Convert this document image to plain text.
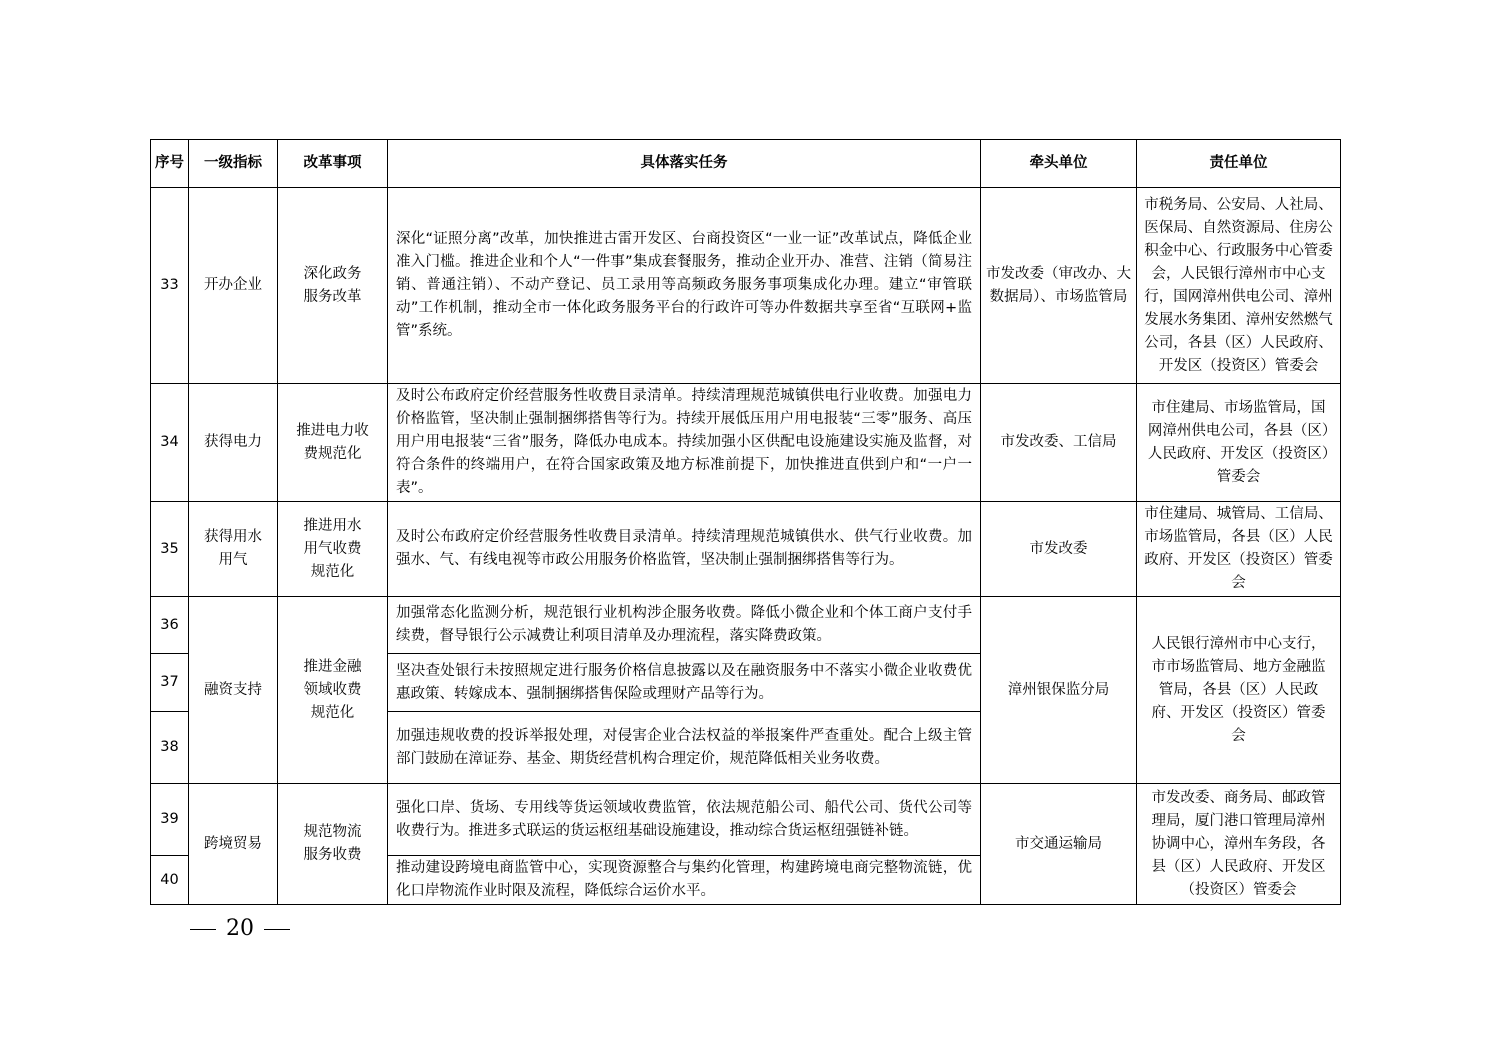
序号	一级指标	改革事项	具体落实任务	牵头单位	责任单位
33	开办企业	深化政务服务改革	深化“证照分离”改革，加快推进古雷开发区、台商投资区“一业一证”改革试点，降低企业准入门槛。推进企业和个人“一件事”集成套餐服务，推动企业开办、准营、注销（简易注销、普通注销）、不动产登记、员工录用等高频政务服务事项集成化办理。建立“审管联动”工作机制，推动全市一体化政务服务平台的行政许可等办件数据共享至省“互联网+监管”系统。	市发改委（审改办、大数据局）、市场监管局	市税务局、公安局、人社局、医保局、自然资源局、住房公积金中心、行政服务中心管委会，人民银行漳州市中心支行，国网漳州供电公司、漳州发展水务集团、漳州安然燃气公司，各县（区）人民政府、开发区（投资区）管委会
34	获得电力	推进电力收费规范化	及时公布政府定价经营服务性收费目录清单。持续清理规范城镇供电行业收费。加强电力价格监管，坚决制止强制捆绑搭售等行为。持续开展低压用户用电报装“三零”服务、高压用户用电报装“三省”服务，降低办电成本。持续加强小区供配电设施建设实施及监督，对符合条件的终端用户，在符合国家政策及地方标准前提下，加快推进直供到户和“一户一表”。	市发改委、工信局	市住建局、市场监管局，国网漳州供电公司，各县（区）人民政府、开发区（投资区）管委会
35	获得用水用气	推进用水用气收费规范化	及时公布政府定价经营服务性收费目录清单。持续清理规范城镇供水、供气行业收费。加强水、气、有线电视等市政公用服务价格监管，坚决制止强制捆绑搭售等行为。	市发改委	市住建局、城管局、工信局、市场监管局，各县（区）人民政府、开发区（投资区）管委会
36	融资支持	推进金融领域收费规范化	加强常态化监测分析，规范银行业机构涉企服务收费。降低小微企业和个体工商户支付手续费，督导银行公示减费让利项目清单及办理流程，落实降费政策。	漳州银保监分局	人民银行漳州市中心支行，市市场监管局、地方金融监管局，各县（区）人民政府、开发区（投资区）管委会
37			坚决查处银行未按照规定进行服务价格信息披露以及在融资服务中不落实小微企业收费优惠政策、转嫁成本、强制捆绑搭售保险或理财产品等行为。		
38			加强违规收费的投诉举报处理，对侵害企业合法权益的举报案件严查重处。配合上级主管部门鼓励在漳证券、基金、期货经营机构合理定价，规范降低相关业务收费。		
39	跨境贸易	规范物流服务收费	强化口岸、货场、专用线等货运领域收费监管，依法规范船公司、船代公司、货代公司等收费行为。推进多式联运的货运枢纽基础设施建设，推动综合货运枢纽强链补链。	市交通运输局	市发改委、商务局、邮政管理局，厦门港口管理局漳州协调中心，漳州车务段，各县（区）人民政府、开发区（投资区）管委会
40			推动建设跨境电商监管中心，实现资源整合与集约化管理，构建跨境电商完整物流链，优化口岸物流作业时限及流程，降低综合运价水平。		
20
